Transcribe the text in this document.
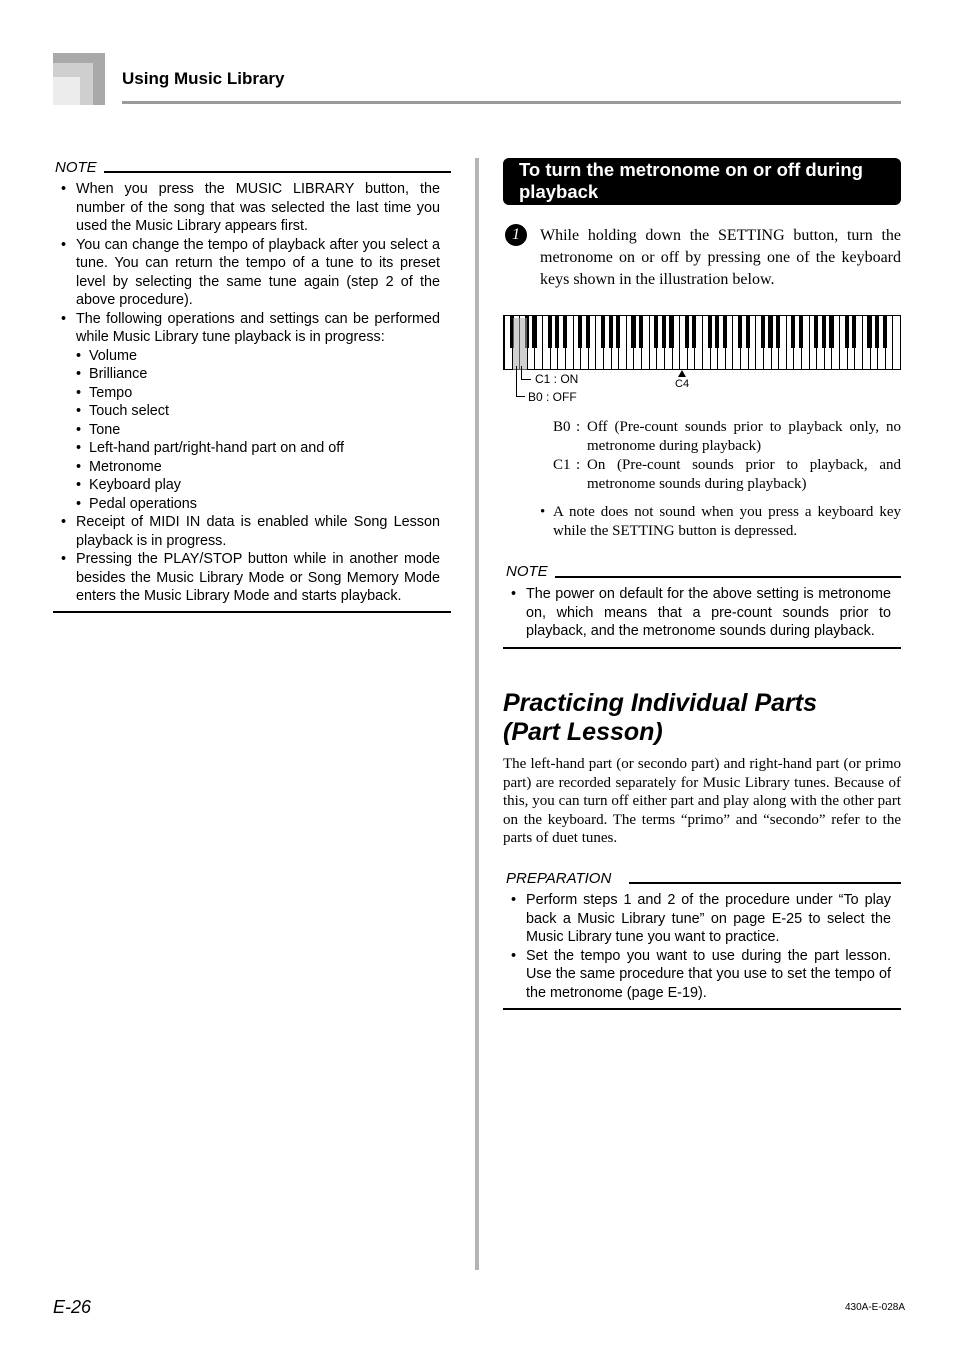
Using Music Library
NOTE
• When you press the MUSIC LIBRARY button, the number of the song that was selected the last time you used the Music Library appears first.
• You can change the tempo of playback after you select a tune. You can return the tempo of a tune to its preset level by selecting the same tune again (step 2 of the above procedure).
• The following operations and settings can be performed while Music Library tune playback is in progress:
• Volume
• Brilliance
• Tempo
• Touch select
• Tone
• Left-hand part/right-hand part on and off
• Metronome
• Keyboard play
• Pedal operations
• Receipt of MIDI IN data is enabled while Song Lesson playback is in progress.
• Pressing the PLAY/STOP button while in another mode besides the Music Library Mode or Song Memory Mode enters the Music Library Mode and starts playback.
To turn the metronome on or off during playback
1	While holding down the SETTING button, turn the metronome on or off by pressing one of the keyboard keys shown in the illustration below.
C1 : ON
B0 : OFF
C4
B0 : Off (Pre-count sounds prior to playback only, no metronome during playback)
C1 : On (Pre-count sounds prior to playback, and metronome sounds during playback)
• A note does not sound when you press a keyboard key while the SETTING button is depressed.
NOTE
• The power on default for the above setting is metronome on, which means that a pre-count sounds prior to playback, and the metronome sounds during playback.
Practicing Individual Parts
(Part Lesson)
The left-hand part (or secondo part) and right-hand part (or primo part) are recorded separately for Music Library tunes. Because of this, you can turn off either part and play along with the other part on the keyboard. The terms “primo” and “secondo” refer to the parts of duet tunes.
PREPARATION
• Perform steps 1 and 2 of the procedure under “To play back a Music Library tune” on page E-25 to select the Music Library tune you want to practice.
• Set the tempo you want to use during the part lesson. Use the same procedure that you use to set the tempo of the metronome (page E-19).
E-26	430A-E-028A
